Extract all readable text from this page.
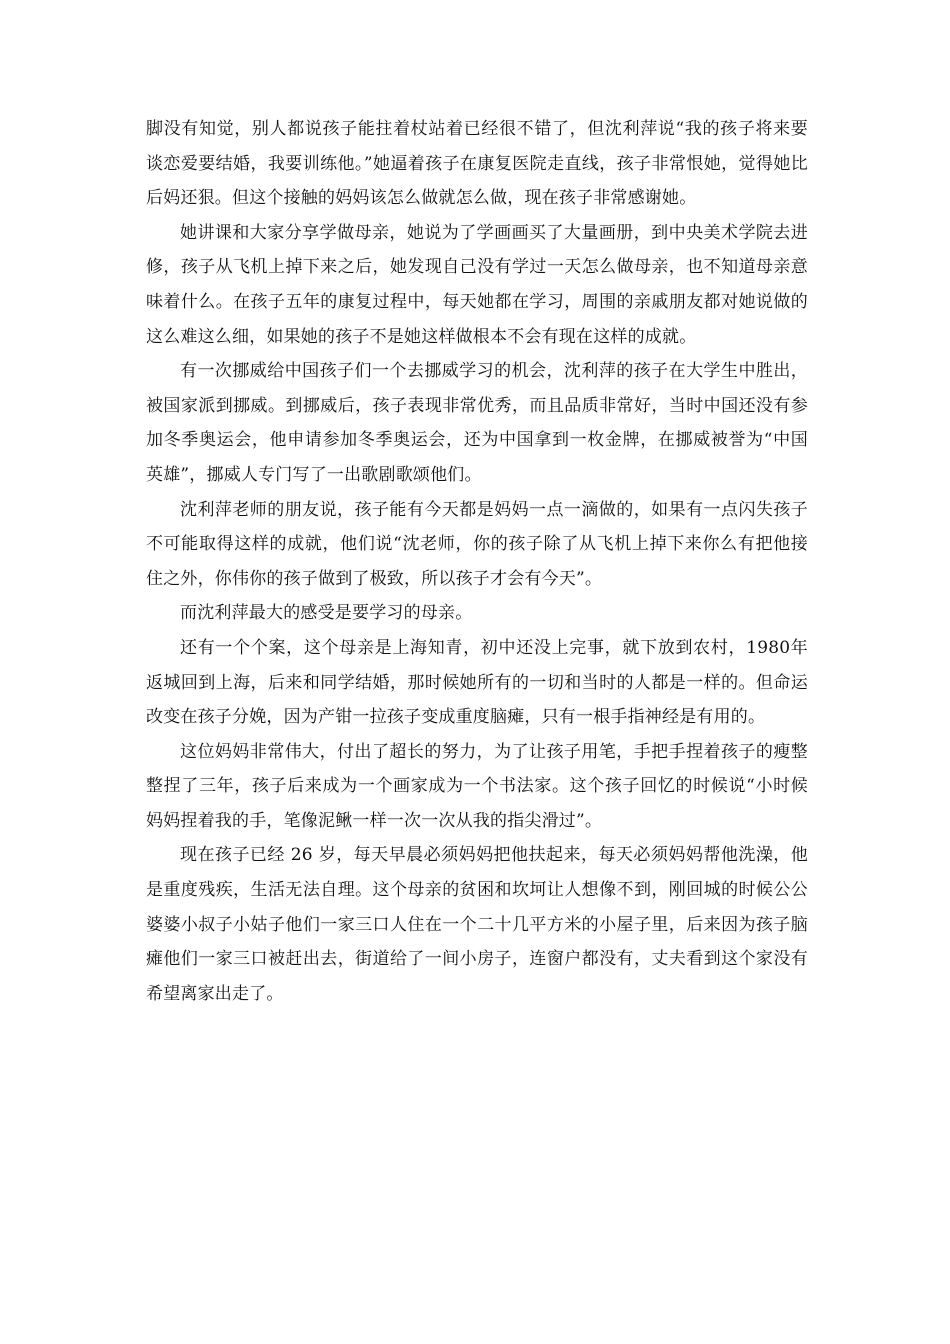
脚没有知觉，别人都说孩子能拄着杖站着已经很不错了，但沈利萍说“我的孩子将来要谈恋爱要结婚，我要训练他。”她逼着孩子在康复医院走直线，孩子非常恨她，觉得她比后妈还狠。但这个接触的妈妈该怎么做就怎么做，现在孩子非常感谢她。

她讲课和大家分享学做母亲，她说为了学画画买了大量画册，到中央美术学院去进修，孩子从飞机上掉下来之后，她发现自己没有学过一天怎么做母亲，也不知道母亲意味着什么。在孩子五年的康复过程中，每天她都在学习，周围的亲戚朋友都对她说做的这么难这么细，如果她的孩子不是她这样做根本不会有现在这样的成就。

有一次挪威给中国孩子们一个去挪威学习的机会，沈利萍的孩子在大学生中胜出，被国家派到挪威。到挪威后，孩子表现非常优秀，而且品质非常好，当时中国还没有参加冬季奥运会，他申请参加冬季奥运会，还为中国拿到一枚金牌，在挪威被誉为“中国英雄”，挪威人专门写了一出歌剧歌颂他们。

沈利萍老师的朋友说，孩子能有今天都是妈妈一点一滴做的，如果有一点闪失孩子不可能取得这样的成就，他们说“沈老师，你的孩子除了从飞机上掉下来你么有把他接住之外，你伟你的孩子做到了极致，所以孩子才会有今天”。

而沈利萍最大的感受是要学习的母亲。

还有一个个案，这个母亲是上海知青，初中还没上完事，就下放到农村，1980年返城回到上海，后来和同学结婚，那时候她所有的一切和当时的人都是一样的。但命运改变在孩子分娩，因为产钳一拉孩子变成重度脑瘫，只有一根手指神经是有用的。

这位妈妈非常伟大，付出了超长的努力，为了让孩子用笔，手把手捏着孩子的瘦整整捏了三年，孩子后来成为一个画家成为一个书法家。这个孩子回忆的时候说“小时候妈妈捏着我的手，笔像泥鳅一样一次一次从我的指尖滑过”。

现在孩子已经 26 岁，每天早晨必须妈妈把他扶起来，每天必须妈妈帮他洗澡，他是重度残疾，生活无法自理。这个母亲的贫困和坎坷让人想像不到，刚回城的时候公公婆婆小叔子小姑子他们一家三口人住在一个二十几平方米的小屋子里，后来因为孩子脑瘫他们一家三口被赶出去，街道给了一间小房子，连窗户都没有，丈夫看到这个家没有希望离家出走了。
